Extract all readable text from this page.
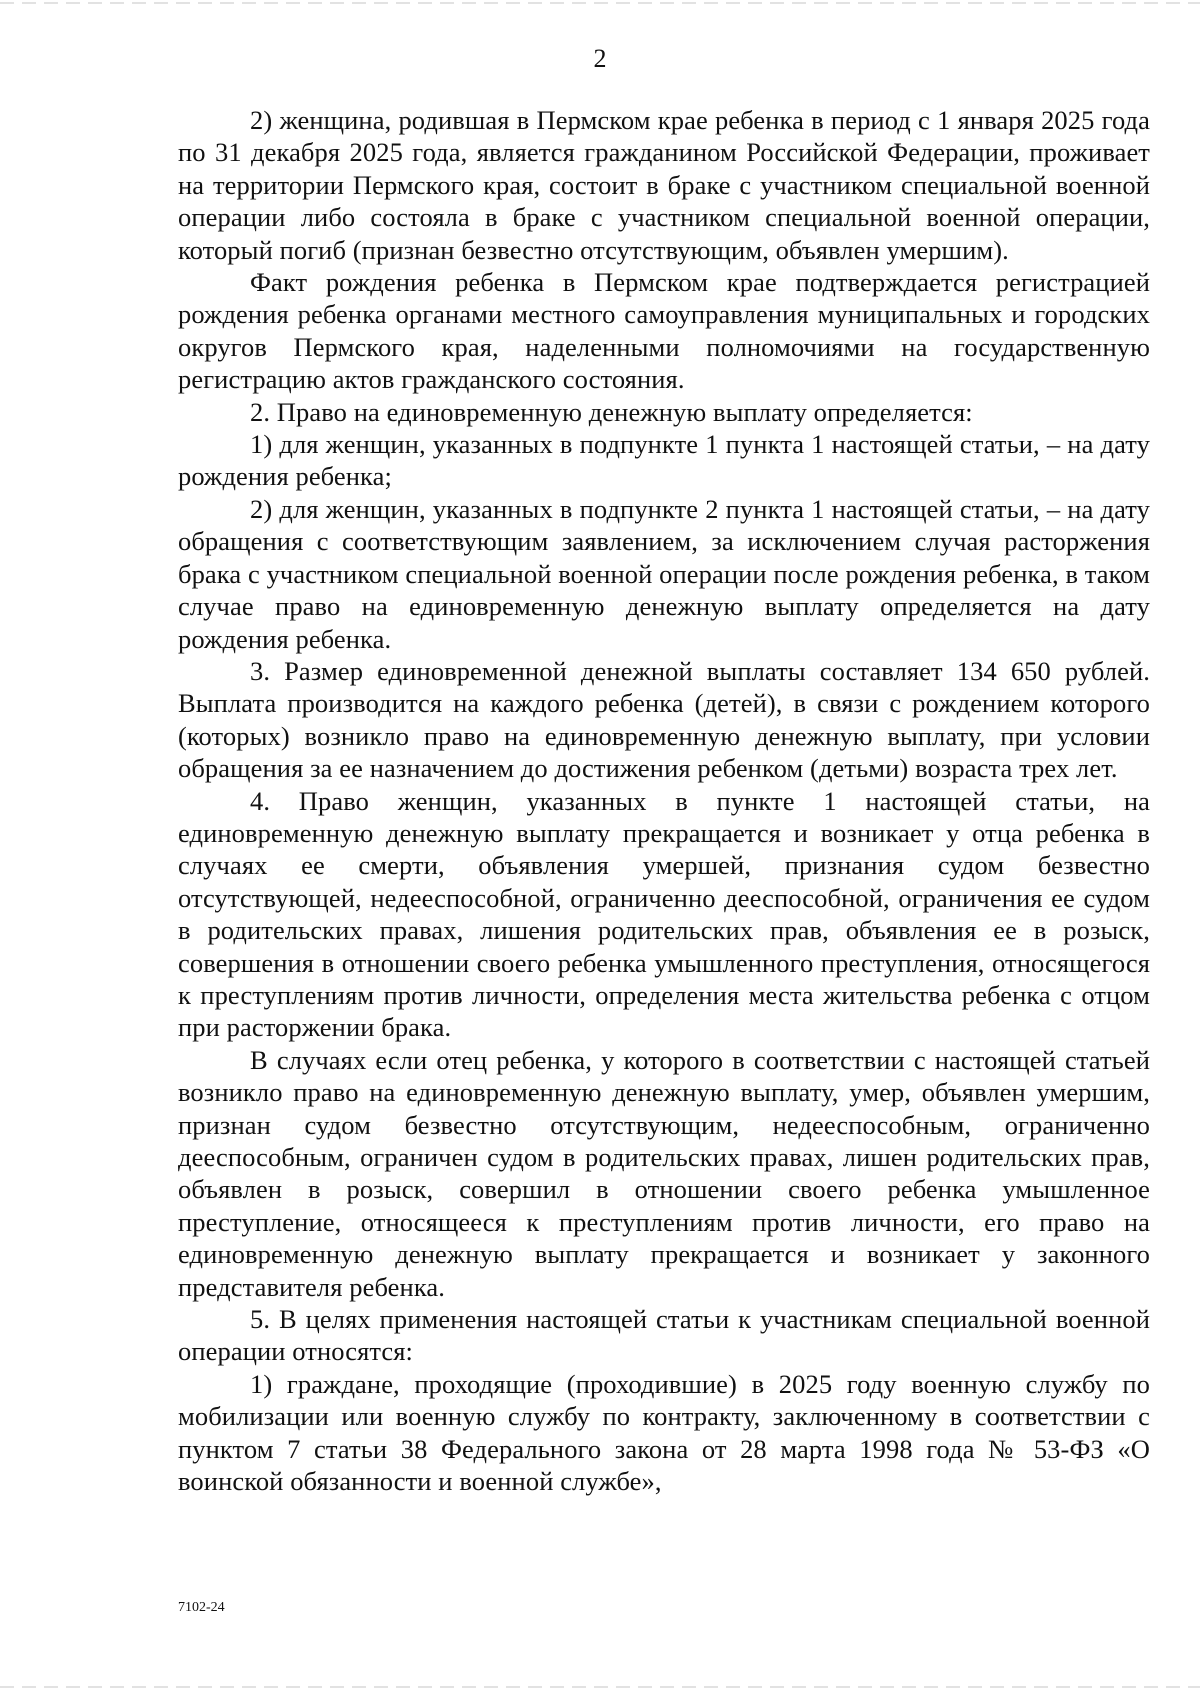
2

2) женщина, родившая в Пермском крае ребенка в период с 1 января 2025 года по 31 декабря 2025 года, является гражданином Российской Федерации, проживает на территории Пермского края, состоит в браке с участником специальной военной операции либо состояла в браке с участником специальной военной операции, который погиб (признан безвестно отсутствующим, объявлен умершим).

Факт рождения ребенка в Пермском крае подтверждается регистрацией рождения ребенка органами местного самоуправления муниципальных и городских округов Пермского края, наделенными полномочиями на государственную регистрацию актов гражданского состояния.

2. Право на единовременную денежную выплату определяется:

1) для женщин, указанных в подпункте 1 пункта 1 настоящей статьи, – на дату рождения ребенка;

2) для женщин, указанных в подпункте 2 пункта 1 настоящей статьи, – на дату обращения с соответствующим заявлением, за исключением случая расторжения брака с участником специальной военной операции после рождения ребенка, в таком случае право на единовременную денежную выплату определяется на дату рождения ребенка.

3. Размер единовременной денежной выплаты составляет 134 650 рублей. Выплата производится на каждого ребенка (детей), в связи с рождением которого (которых) возникло право на единовременную денежную выплату, при условии обращения за ее назначением до достижения ребенком (детьми) возраста трех лет.

4. Право женщин, указанных в пункте 1 настоящей статьи, на единовременную денежную выплату прекращается и возникает у отца ребенка в случаях ее смерти, объявления умершей, признания судом безвестно отсутствующей, недееспособной, ограниченно дееспособной, ограничения ее судом в родительских правах, лишения родительских прав, объявления ее в розыск, совершения в отношении своего ребенка умышленного преступления, относящегося к преступлениям против личности, определения места жительства ребенка с отцом при расторжении брака.

В случаях если отец ребенка, у которого в соответствии с настоящей статьей возникло право на единовременную денежную выплату, умер, объявлен умершим, признан судом безвестно отсутствующим, недееспособным, ограниченно дееспособным, ограничен судом в родительских правах, лишен родительских прав, объявлен в розыск, совершил в отношении своего ребенка умышленное преступление, относящееся к преступлениям против личности, его право на единовременную денежную выплату прекращается и возникает у законного представителя ребенка.

5. В целях применения настоящей статьи к участникам специальной военной операции относятся:

1) граждане, проходящие (проходившие) в 2025 году военную службу по мобилизации или военную службу по контракту, заключенному в соответствии с пунктом 7 статьи 38 Федерального закона от 28 марта 1998 года № 53-ФЗ «О воинской обязанности и военной службе»,

7102-24
